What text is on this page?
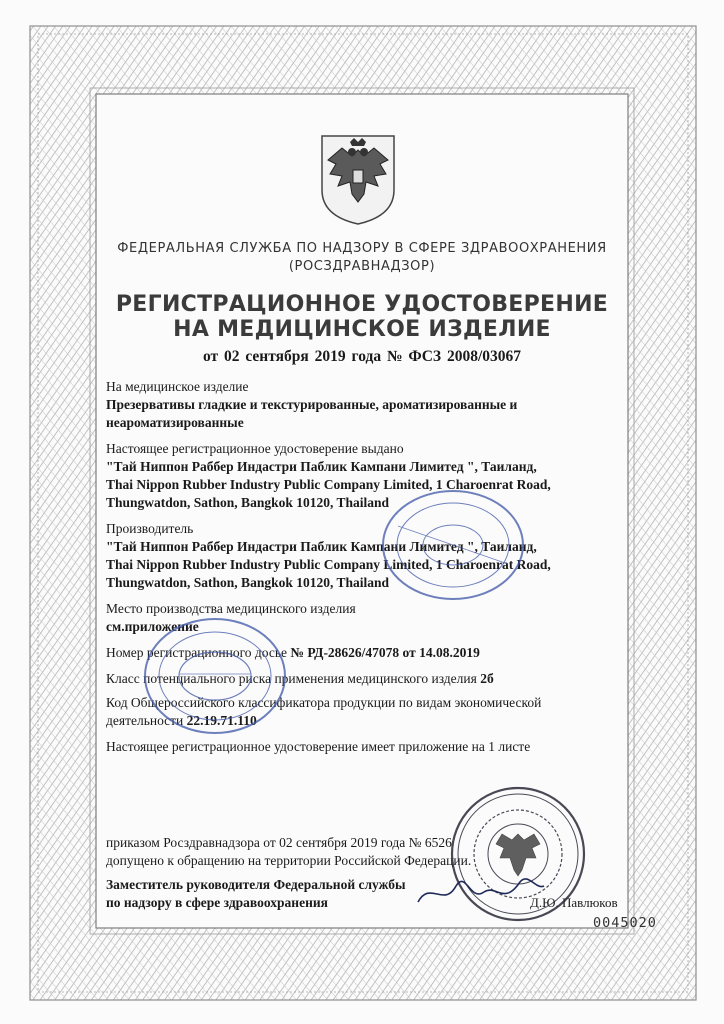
ФЕДЕРАЛЬНАЯ СЛУЖБА ПО НАДЗОРУ В СФЕРЕ ЗДРАВООХРАНЕНИЯ
(РОСЗДРАВНАДЗОР)
РЕГИСТРАЦИОННОЕ УДОСТОВЕРЕНИЕ
НА МЕДИЦИНСКОЕ ИЗДЕЛИЕ
от 02 сентября 2019 года № ФСЗ 2008/03067
На медицинское изделие
Презервативы гладкие и текстурированные, ароматизированные и
неароматизированные
Настоящее регистрационное удостоверение выдано
"Тай Ниппон Раббер Индастри Паблик Кампани Лимитед ", Таиланд,
Thai Nippon Rubber Industry Public Company Limited, 1 Charoenrat Road,
Thungwatdon, Sathon, Bangkok 10120, Thailand
Производитель
"Тай Ниппон Раббер Индастри Паблик Кампани Лимитед ", Таиланд,
Thai Nippon Rubber Industry Public Company Limited, 1 Charoenrat Road,
Thungwatdon, Sathon, Bangkok 10120, Thailand
Место производства медицинского изделия
см.приложение
Номер регистрационного досье № РД-28626/47078 от 14.08.2019
Класс потенциального риска применения медицинского изделия 2б
Код Общероссийского классификатора продукции по видам экономической
деятельности 22.19.71.110
Настоящее регистрационное удостоверение имеет приложение на 1 листе
приказом Росздравнадзора от 02 сентября 2019 года № 6526
допущено к обращению на территории Российской Федерации.
Заместитель руководителя Федеральной службы
по надзору в сфере здравоохранения	Д.Ю. Павлюков
0045020
